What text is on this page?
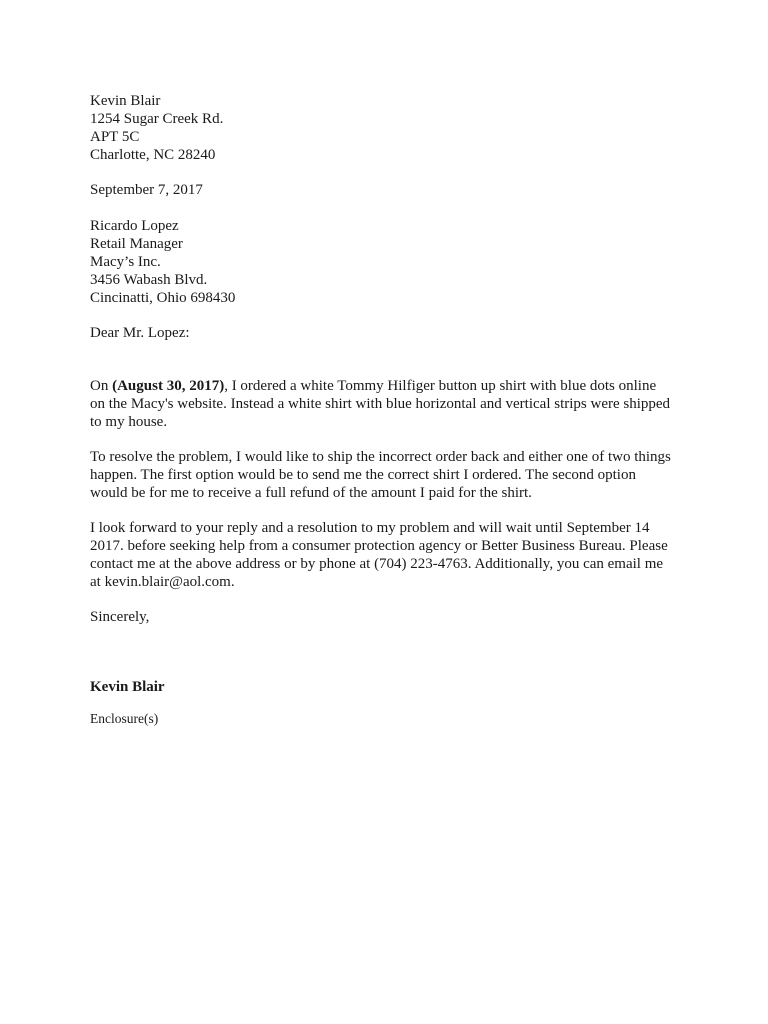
Kevin Blair
1254 Sugar Creek Rd.
APT 5C
Charlotte, NC 28240
September 7, 2017
Ricardo Lopez
Retail Manager
Macy’s Inc.
3456 Wabash Blvd.
Cincinatti, Ohio 698430
Dear Mr. Lopez:
On (August 30, 2017), I ordered a white Tommy Hilfiger button up shirt with blue dots online
on the Macy's website. Instead a white shirt with blue horizontal and vertical strips were shipped
to my house.
To resolve the problem, I would like to ship the incorrect order back and either one of two things
happen. The first option would be to send me the correct shirt I ordered. The second option
would be for me to receive a full refund of the amount I paid for the shirt.
I look forward to your reply and a resolution to my problem and will wait until September 14
2017. before seeking help from a consumer protection agency or Better Business Bureau. Please
contact me at the above address or by phone at (704) 223-4763. Additionally, you can email me
at kevin.blair@aol.com.
Sincerely,
Kevin Blair
Enclosure(s)
